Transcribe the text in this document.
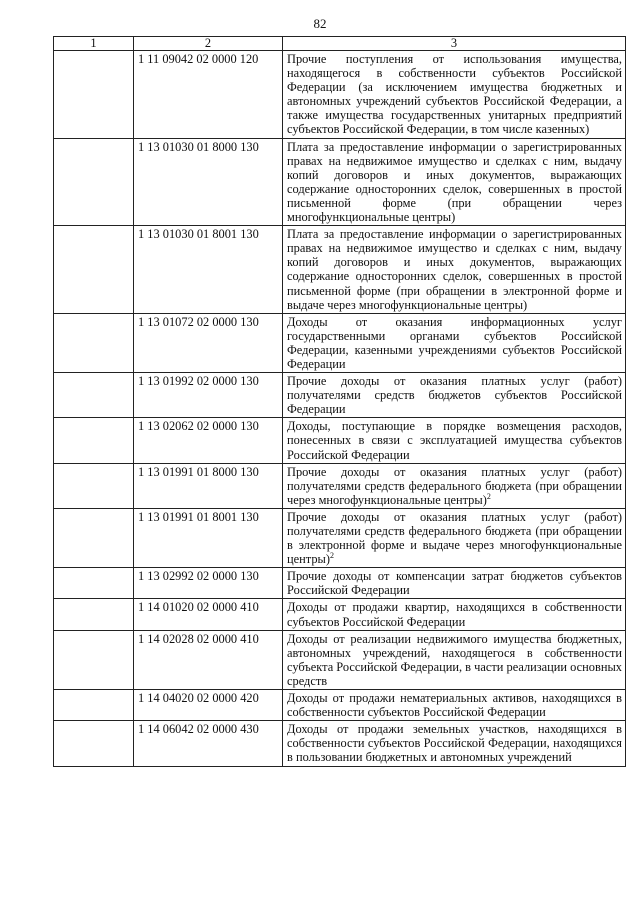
82
1	2	3
	1 11 09042 02 0000 120	Прочие поступления от использования имущества, находящегося в собственности субъектов Российской Федерации (за исключением имущества бюджетных и автономных учреждений субъектов Российской Федерации, а также имущества государственных унитарных предприятий субъектов Российской Федерации, в том числе казенных)
	1 13 01030 01 8000 130	Плата за предоставление информации о зарегистрированных правах на недвижимое имущество и сделках с ним, выдачу копий договоров и иных документов, выражающих содержание односторонних сделок, совершенных в простой письменной форме (при обращении через многофункциональные центры)
	1 13 01030 01 8001 130	Плата за предоставление информации о зарегистрированных правах на недвижимое имущество и сделках с ним, выдачу копий договоров и иных документов, выражающих содержание односторонних сделок, совершенных в простой письменной форме (при обращении в электронной форме и выдаче через многофункциональные центры)
	1 13 01072 02 0000 130	Доходы от оказания информационных услуг государственными органами субъектов Российской Федерации, казенными учреждениями субъектов Российской Федерации
	1 13 01992 02 0000 130	Прочие доходы от оказания платных услуг (работ) получателями средств бюджетов субъектов Российской Федерации
	1 13 02062 02 0000 130	Доходы, поступающие в порядке возмещения расходов, понесенных в связи с эксплуатацией имущества субъектов Российской Федерации
	1 13 01991 01 8000 130	Прочие доходы от оказания платных услуг (работ) получателями средств федерального бюджета (при обращении через многофункциональные центры)$^2$
	1 13 01991 01 8001 130	Прочие доходы от оказания платных услуг (работ) получателями средств федерального бюджета (при обращении в электронной форме и выдаче через многофункциональные центры)$^2$
	1 13 02992 02 0000 130	Прочие доходы от компенсации затрат бюджетов субъектов Российской Федерации
	1 14 01020 02 0000 410	Доходы от продажи квартир, находящихся в собственности субъектов Российской Федерации
	1 14 02028 02 0000 410	Доходы от реализации недвижимого имущества бюджетных, автономных учреждений, находящегося в собственности субъекта Российской Федерации, в части реализации основных средств
	1 14 04020 02 0000 420	Доходы от продажи нематериальных активов, находящихся в собственности субъектов Российской Федерации
	1 14 06042 02 0000 430	Доходы от продажи земельных участков, находящихся в собственности субъектов Российской Федерации, находящихся в пользовании бюджетных и автономных учреждений
